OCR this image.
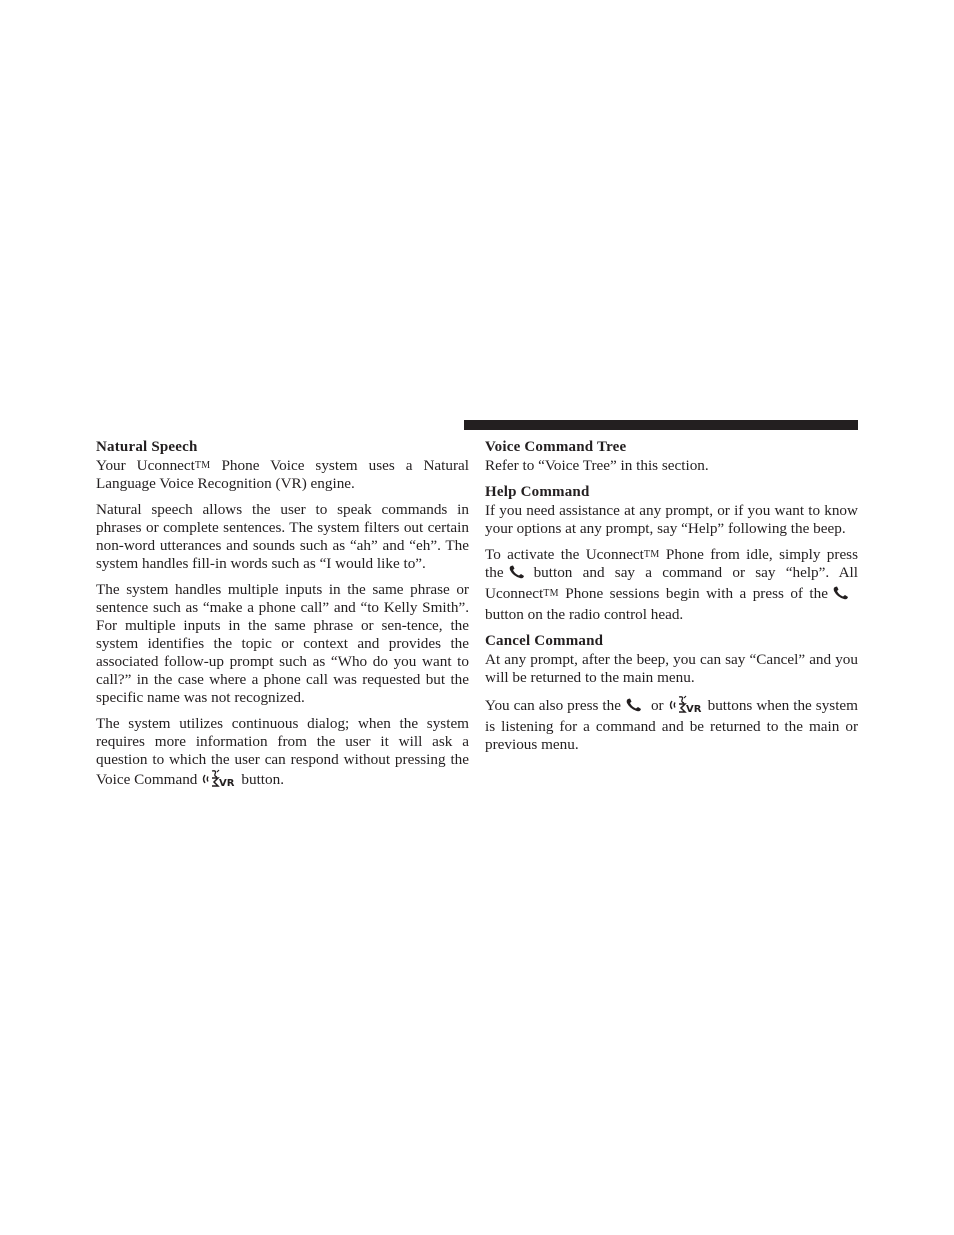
Natural Speech

Your UconnectTM Phone Voice system uses a Natural Language Voice Recognition (VR) engine.

Natural speech allows the user to speak commands in phrases or complete sentences. The system filters out certain non-word utterances and sounds such as “ah” and “eh”. The system handles fill-in words such as “I would like to”.

The system handles multiple inputs in the same phrase or sentence such as “make a phone call” and “to Kelly Smith”. For multiple inputs in the same phrase or sen-tence, the system identifies the topic or context and provides the associated follow-up prompt such as “Who do you want to call?” in the case where a phone call was requested but the specific name was not recognized.

The system utilizes continuous dialog; when the system requires more information from the user it will ask a question to which the user can respond without pressing the Voice Command VR button.

Voice Command Tree

Refer to “Voice Tree” in this section.

Help Command

If you need assistance at any prompt, or if you want to know your options at any prompt, say “Help” following the beep.

To activate the UconnectTM Phone from idle, simply press the button and say a command or say “help”. All UconnectTM Phone sessions begin with a press of thebutton on the radio control head.

Cancel Command

At any prompt, after the beep, you can say “Cancel” and you will be returned to the main menu.

You can also press the or VR buttons when the system is listening for a command and be returned to the main or previous menu.
